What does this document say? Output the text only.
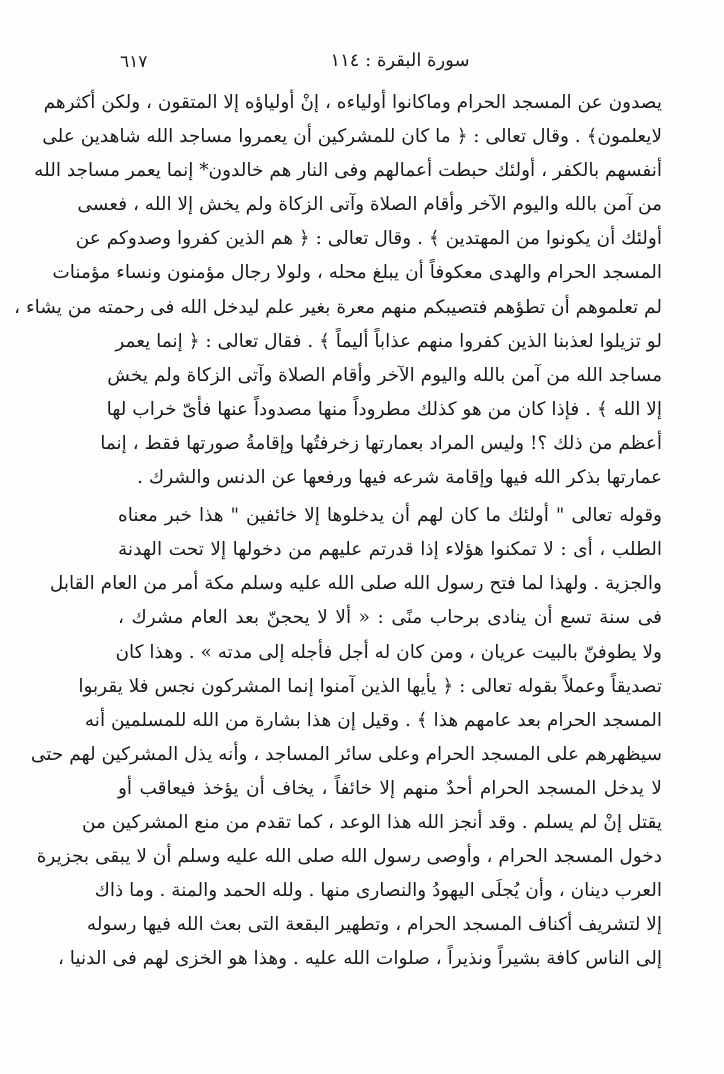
٦١٧	سورة البقرة : ١١٤
يصدون عن المسجد الحرام وماكانوا أولياءه ، إنْ أولياؤه إلا المتقون ، ولكن أكثرهم
لايعلمون﴾ . وقال تعالى : ﴿ ما كان للمشركين أن يعمروا مساجد الله شاهدين على
أنفسهم بالكفر ، أولئك حبطت أعمالهم وفى النار هم خالدون* إنما يعمر مساجد الله
من آمن بالله واليوم الآخر وأقام الصلاة وآتى الزكاة ولم يخش إلا الله ، فعسى
أولئك أن يكونوا من المهتدين ﴾ . وقال تعالى : ﴿ هم الذين كفروا وصدوكم عن
المسجد الحرام والهدى معكوفاً أن يبلغ محله ، ولولا رجال مؤمنون ونساء مؤمنات
لم تعلموهم أن تطؤهم فتصيبكم منهم معرة بغير علم ليدخل الله فى رحمته من يشاء ،
لو تزيلوا لعذبنا الذين كفروا منهم عذاباً أليماً ﴾ . فقال تعالى : ﴿ إنما يعمر
مساجد الله من آمن بالله واليوم الآخر وأقام الصلاة وآتى الزكاة ولم يخش
إلا الله ﴾ . فإذا كان من هو كذلك مطروداً منها مصدوداً عنها فأىّ خراب لها
أعظم من ذلك ؟! وليس المراد بعمارتها زخرفتُها وإقامةُ صورتها فقط ، إنما
عمارتها بذكر الله فيها وإقامة شرعه فيها ورفعها عن الدنس والشرك .
وقوله تعالى " أولئك ما كان لهم أن يدخلوها إلا خائفين " هذا خبر معناه
الطلب ، أى : لا تمكنوا هؤلاء إذا قدرتم عليهم من دخولها إلا تحت الهدنة
والجزية . ولهذا لما فتح رسول الله صلى الله عليه وسلم مكة أمر من العام القابل
فى سنة تسع أن ينادى برحاب منًى : « ألا لا يحجنّ بعد العام مشرك ،
ولا يطوفنّ بالبيت عريان ، ومن كان له أجل فأجله إلى مدته » . وهذا كان
تصديقاً وعملاً بقوله تعالى : ﴿ يأيها الذين آمنوا إنما المشركون نجس فلا يقربوا
المسجد الحرام بعد عامهم هذا ﴾ . وقيل إن هذا بشارة من الله للمسلمين أنه
سيظهرهم على المسجد الحرام وعلى سائر المساجد ، وأنه يذل المشركين لهم حتى
لا يدخل المسجد الحرام أحدٌ منهم إلا خائفاً ، يخاف أن يؤخذ فيعاقب أو
يقتل إنْ لم يسلم . وقد أنجز الله هذا الوعد ، كما تقدم من منع المشركين من
دخول المسجد الحرام ، وأوصى رسول الله صلى الله عليه وسلم أن لا يبقى بجزيرة
العرب دينان ، وأن يُجلَى اليهودُ والنصارى منها . ولله الحمد والمنة . وما ذاك
إلا لتشريف أكناف المسجد الحرام ، وتطهير البقعة التى بعث الله فيها رسوله
إلى الناس كافة بشيراً ونذيراً ، صلوات الله عليه . وهذا هو الخزى لهم فى الدنيا ،
